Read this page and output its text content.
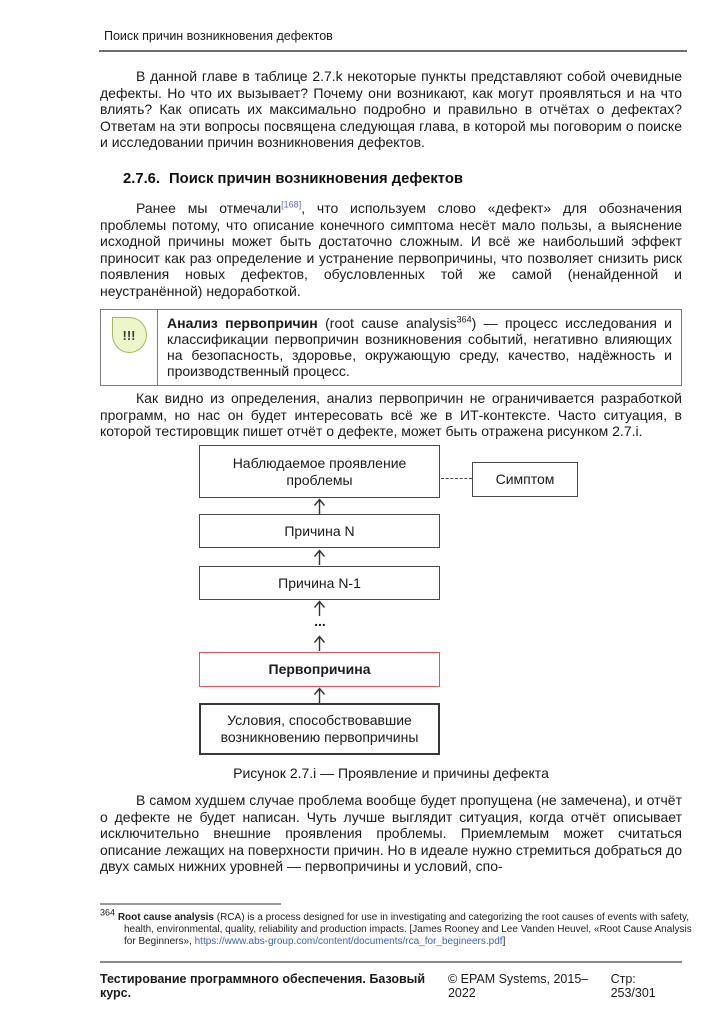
Поиск причин возникновения дефектов

В данной главе в таблице 2.7.k некоторые пункты представляют собой очевидные дефекты. Но что их вызывает? Почему они возникают, как могут проявляться и на что влиять? Как описать их максимально подробно и правильно в отчётах о дефектах? Ответам на эти вопросы посвящена следующая глава, в которой мы поговорим о поиске и исследовании причин возникновения дефектов.

2.7.6. Поиск причин возникновения дефектов

Ранее мы отмечали[168], что используем слово «дефект» для обозначения проблемы потому, что описание конечного симптома несёт мало пользы, а выяснение исходной причины может быть достаточно сложным. И всё же наибольший эффект приносит как раз определение и устранение первопричины, что позволяет снизить риск появления новых дефектов, обусловленных той же самой (ненайденной и неустранённой) недоработкой.

!!!
Анализ первопричин (root cause analysis$^{364}$) — процесс исследования и классификации первопричин возникновения событий, негативно влияющих на безопасность, здоровье, окружающую среду, качество, надёжность и производственный процесс.

Как видно из определения, анализ первопричин не ограничивается разработкой программ, но нас он будет интересовать всё же в ИТ-контексте. Часто ситуация, в которой тестировщик пишет отчёт о дефекте, может быть отражена рисунком 2.7.i.

Наблюдаемое проявление проблемы	Симптом
Причина N
Причина N-1
...
Первопричина
Условия, способствовавшие возникновению первопричины
Рисунок 2.7.i — Проявление и причины дефекта

В самом худшем случае проблема вообще будет пропущена (не замечена), и отчёт о дефекте не будет написан. Чуть лучше выглядит ситуация, когда отчёт описывает исключительно внешние проявления проблемы. Приемлемым может считаться описание лежащих на поверхности причин. Но в идеале нужно стремиться добраться до двух самых нижних уровней — первопричины и условий, спо-

$^{364}$ Root cause analysis (RCA) is a process designed for use in investigating and categorizing the root causes of events with safety, health, environmental, quality, reliability and production impacts. [James Rooney and Lee Vanden Heuvel, «Root Cause Analysis for Beginners», https://www.abs-group.com/content/documents/rca_for_begineers.pdf]
Тестирование программного обеспечения. Базовый курс.
© EPAM Systems, 2015–2022
Стр: 253/301
